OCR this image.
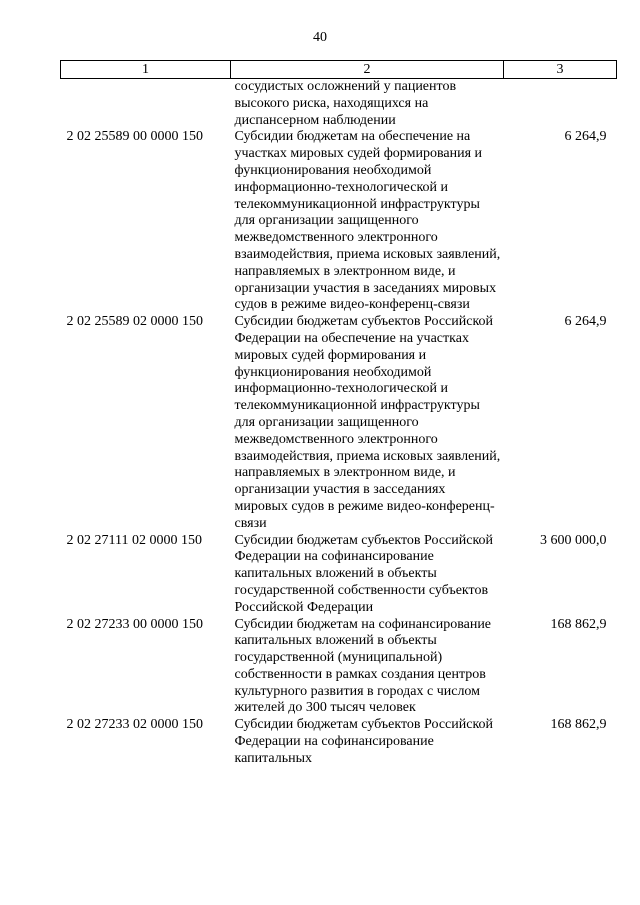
40
1	2	3
	сосудистых осложнений у пациентов высокого риска, находящихся на диспансерном наблюдении	
2 02 25589 00 0000 150	Субсидии бюджетам на обеспечение на участках мировых судей формирования и функционирования необходимой информационно-технологической и телекоммуникационной инфраструктуры для организации защищенного межведомственного электронного взаимодействия, приема исковых заявлений, направляемых в электронном виде, и организации участия в заседаниях мировых судов в режиме видео-конференц-связи	6 264,9
2 02 25589 02 0000 150	Субсидии бюджетам субъектов Российской Федерации на обеспечение на участках мировых судей формирования и функционирования необходимой информационно-технологической и телекоммуникационной инфраструктуры для организации защищенного межведомственного электронного взаимодействия, приема исковых заявлений, направляемых в электронном виде, и организации участия в засседаниях мировых судов в режиме видео-конференц-связи	6 264,9
2 02 27111 02 0000 150	Субсидии бюджетам субъектов Российской Федерации на софинансирование капитальных вложений в объекты государственной собственности субъектов Российской Федерации	3 600 000,0
2 02 27233 00 0000 150	Субсидии бюджетам на софинансирование капитальных вложений в объекты государственной (муниципальной) собственности в рамках создания центров культурного развития в городах с числом жителей до 300 тысяч человек	168 862,9
2 02 27233 02 0000 150	Субсидии бюджетам субъектов Российской Федерации на софинансирование капитальных	168 862,9
